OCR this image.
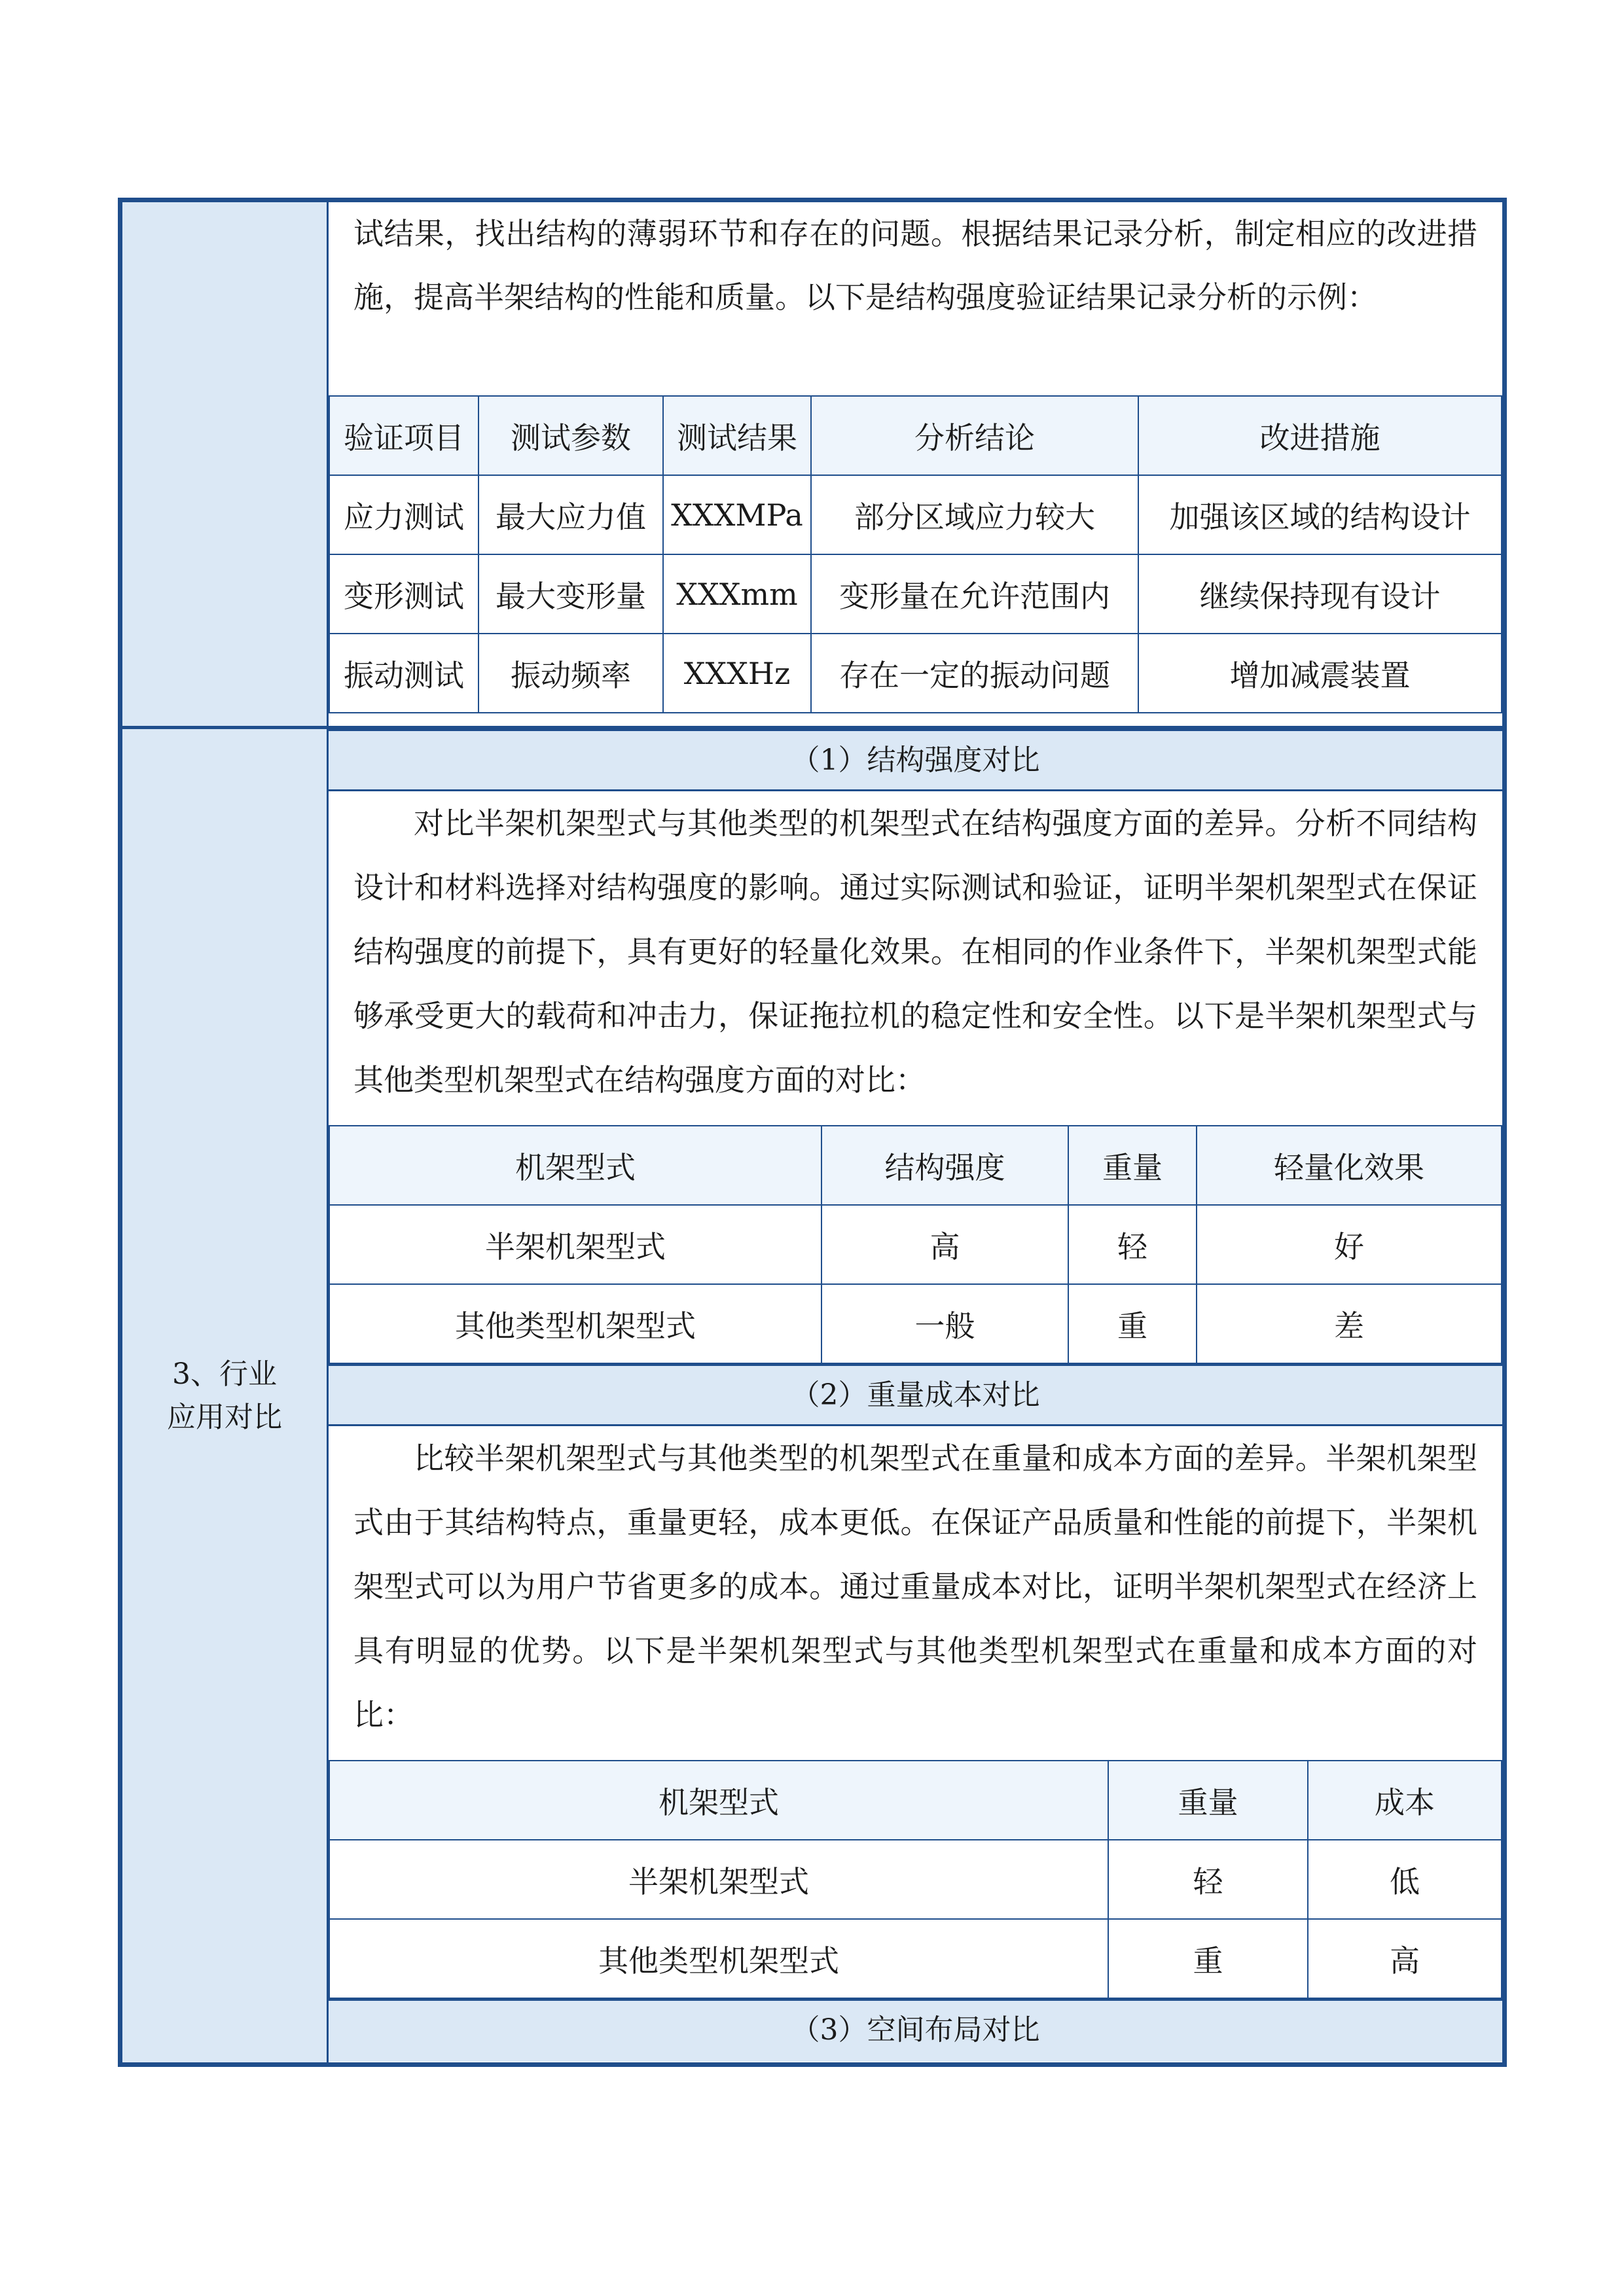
3、行业应用对比
试结果，找出结构的薄弱环节和存在的问题。根据结果记录分析，制定相应的改进措施，提高半架结构的性能和质量。以下是结构强度验证结果记录分析的示例：
验证项目	测试参数	测试结果	分析结论	改进措施
应力测试	最大应力值	XXXMPa	部分区域应力较大	加强该区域的结构设计
变形测试	最大变形量	XXXmm	变形量在允许范围内	继续保持现有设计
振动测试	振动频率	XXXHz	存在一定的振动问题	增加减震装置
（1）结构强度对比
对比半架机架型式与其他类型的机架型式在结构强度方面的差异。分析不同结构设计和材料选择对结构强度的影响。通过实际测试和验证，证明半架机架型式在保证结构强度的前提下，具有更好的轻量化效果。在相同的作业条件下，半架机架型式能够承受更大的载荷和冲击力，保证拖拉机的稳定性和安全性。以下是半架机架型式与其他类型机架型式在结构强度方面的对比：
机架型式	结构强度	重量	轻量化效果
半架机架型式	高	轻	好
其他类型机架型式	一般	重	差
（2）重量成本对比
比较半架机架型式与其他类型的机架型式在重量和成本方面的差异。半架机架型式由于其结构特点，重量更轻，成本更低。在保证产品质量和性能的前提下，半架机架型式可以为用户节省更多的成本。通过重量成本对比，证明半架机架型式在经济上具有明显的优势。以下是半架机架型式与其他类型机架型式在重量和成本方面的对比：
机架型式	重量	成本
半架机架型式	轻	低
其他类型机架型式	重	高
（3）空间布局对比
